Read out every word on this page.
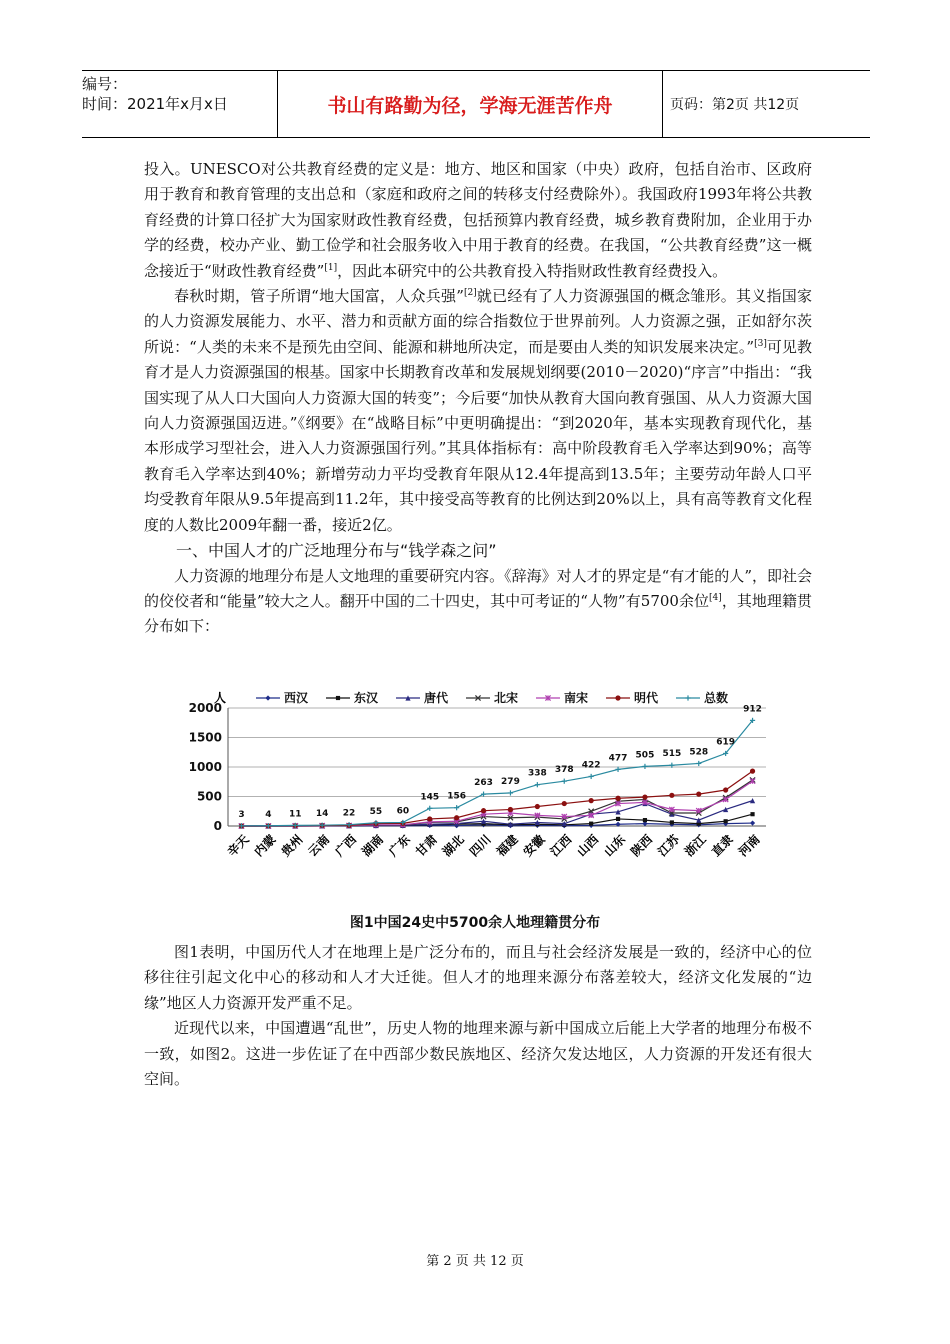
编号：
时间：2021年x月x日	书山有路勤为径，学海无涯苦作舟	页码：第2页 共12页

投入。UNESCO对公共教育经费的定义是：地方、地区和国家（中央）政府，包括自治市、区政府用于教育和教育管理的支出总和（家庭和政府之间的转移支付经费除外）。我国政府1993年将公共教育经费的计算口径扩大为国家财政性教育经费，包括预算内教育经费，城乡教育费附加，企业用于办学的经费，校办产业、勤工俭学和社会服务收入中用于教育的经费。在我国，“公共教育经费”这一概念接近于“财政性教育经费”[1]，因此本研究中的公共教育投入特指财政性教育经费投入。

春秋时期，管子所谓“地大国富，人众兵强”[2]就已经有了人力资源强国的概念雏形。其义指国家的人力资源发展能力、水平、潜力和贡献方面的综合指数位于世界前列。人力资源之强，正如舒尔茨所说：“人类的未来不是预先由空间、能源和耕地所决定，而是要由人类的知识发展来决定。”[3]可见教育才是人力资源强国的根基。国家中长期教育改革和发展规划纲要(2010－2020)“序言”中指出：“我国实现了从人口大国向人力资源大国的转变”；今后要“加快从教育大国向教育强国、从人力资源大国向人力资源强国迈进。”《纲要》在“战略目标”中更明确提出：“到2020年，基本实现教育现代化，基本形成学习型社会，进入人力资源强国行列。”其具体指标有：高中阶段教育毛入学率达到90%；高等教育毛入学率达到40%；新增劳动力平均受教育年限从12.4年提高到13.5年；主要劳动年龄人口平均受教育年限从9.5年提高到11.2年，其中接受高等教育的比例达到20%以上，具有高等教育文化程度的人数比2009年翻一番，接近2亿。

一、中国人才的广泛地理分布与“钱学森之问”

人力资源的地理分布是人文地理的重要研究内容。《辞海》对人才的界定是“有才能的人”，即社会的佼佼者和“能量”较大之人。翻开中国的二十四史，其中可考证的“人物”有5700余位[4]，其地理籍贯分布如下：

0
500
1000
1500
2000
人	西汉	东汉	唐代	北宋	南宋	明代	总数
辛天 内蒙 贵州 云南 广西 湖南 广东 甘肃 湖北 四川 福建 安徽 江西 山西 山东 陕西 江苏 浙江 直隶 河南
3 4 11 14 22 55 60
145 156
263 279
338 378 422
477 505 515 528
619
912
图1中国24史中5700余人地理籍贯分布

图1表明，中国历代人才在地理上是广泛分布的，而且与社会经济发展是一致的，经济中心的位移往往引起文化中心的移动和人才大迁徙。但人才的地理来源分布落差较大，经济文化发展的“边缘”地区人力资源开发严重不足。

近现代以来，中国遭遇“乱世”，历史人物的地理来源与新中国成立后能上大学者的地理分布极不一致，如图2。这进一步佐证了在中西部少数民族地区、经济欠发达地区，人力资源的开发还有很大空间。

第 2 页 共 12 页
